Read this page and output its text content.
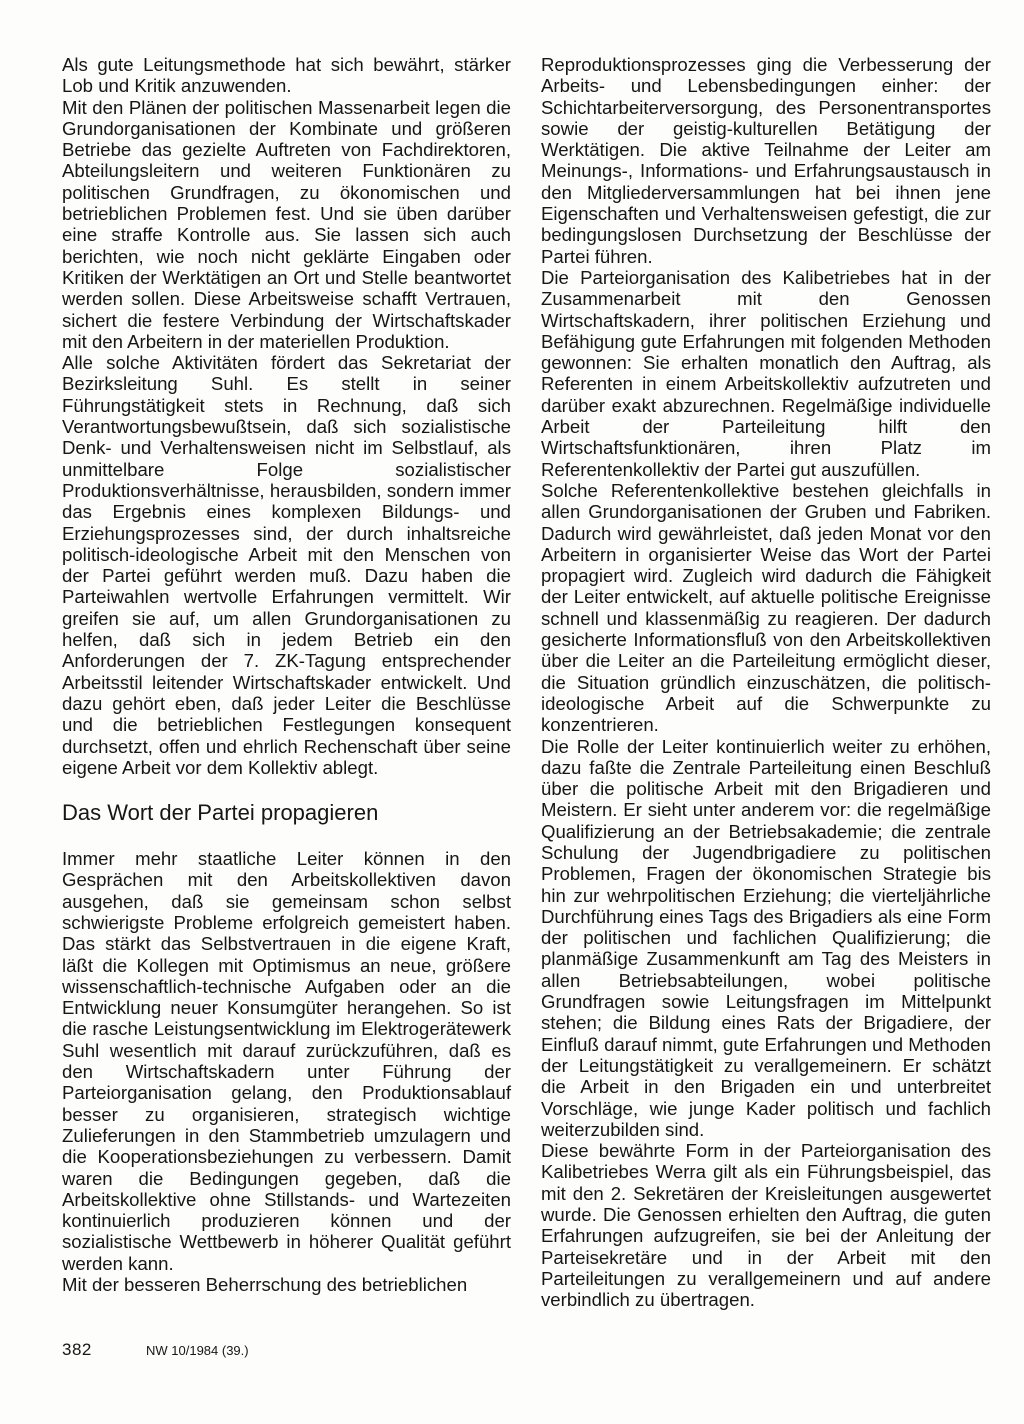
Als gute Leitungsmethode hat sich bewährt, stärker Lob und Kritik anzuwenden.

Mit den Plänen der politischen Massenarbeit legen die Grundorganisationen der Kombinate und größeren Betriebe das gezielte Auftreten von Fachdirektoren, Abteilungsleitern und weiteren Funktionären zu politischen Grundfragen, zu ökonomischen und betrieblichen Problemen fest. Und sie üben darüber eine straffe Kontrolle aus. Sie lassen sich auch berichten, wie noch nicht geklärte Eingaben oder Kritiken der Werktätigen an Ort und Stelle beantwortet werden sollen. Diese Arbeitsweise schafft Vertrauen, sichert die festere Verbindung der Wirtschaftskader mit den Arbeitern in der materiellen Produktion.

Alle solche Aktivitäten fördert das Sekretariat der Bezirksleitung Suhl. Es stellt in seiner Führungstätigkeit stets in Rechnung, daß sich Verantwortungsbewußtsein, daß sich sozialistische Denk- und Verhaltensweisen nicht im Selbstlauf, als unmittelbare Folge sozialistischer Produktionsverhältnisse, herausbilden, sondern immer das Ergebnis eines komplexen Bildungs- und Erziehungsprozesses sind, der durch inhaltsreiche politisch-ideologische Arbeit mit den Menschen von der Partei geführt werden muß. Dazu haben die Parteiwahlen wertvolle Erfahrungen vermittelt. Wir greifen sie auf, um allen Grundorganisationen zu helfen, daß sich in jedem Betrieb ein den Anforderungen der 7. ZK-Tagung entsprechender Arbeitsstil leitender Wirtschaftskader entwickelt. Und dazu gehört eben, daß jeder Leiter die Beschlüsse und die betrieblichen Festlegungen konsequent durchsetzt, offen und ehrlich Rechenschaft über seine eigene Arbeit vor dem Kollektiv ablegt.

Das Wort der Partei propagieren

Immer mehr staatliche Leiter können in den Gesprächen mit den Arbeitskollektiven davon ausgehen, daß sie gemeinsam schon selbst schwierigste Probleme erfolgreich gemeistert haben. Das stärkt das Selbstvertrauen in die eigene Kraft, läßt die Kollegen mit Optimismus an neue, größere wissenschaftlich-technische Aufgaben oder an die Entwicklung neuer Konsumgüter herangehen. So ist die rasche Leistungsentwicklung im Elektrogerätewerk Suhl wesentlich mit darauf zurückzuführen, daß es den Wirtschaftskadern unter Führung der Parteiorganisation gelang, den Produktionsablauf besser zu organisieren, strategisch wichtige Zulieferungen in den Stammbetrieb umzulagern und die Kooperationsbeziehungen zu verbessern. Damit waren die Bedingungen gegeben, daß die Arbeitskollektive ohne Stillstands- und Wartezeiten kontinuierlich produzieren können und der sozialistische Wettbewerb in höherer Qualität geführt werden kann.

Mit der besseren Beherrschung des betrieblichen

Reproduktionsprozesses ging die Verbesserung der Arbeits- und Lebensbedingungen einher: der Schichtarbeiterversorgung, des Personentransportes sowie der geistig-kulturellen Betätigung der Werktätigen. Die aktive Teilnahme der Leiter am Meinungs-, Informations- und Erfahrungsaustausch in den Mitgliederversammlungen hat bei ihnen jene Eigenschaften und Verhaltensweisen gefestigt, die zur bedingungslosen Durchsetzung der Beschlüsse der Partei führen.

Die Parteiorganisation des Kalibetriebes hat in der Zusammenarbeit mit den Genossen Wirtschaftskadern, ihrer politischen Erziehung und Befähigung gute Erfahrungen mit folgenden Methoden gewonnen: Sie erhalten monatlich den Auftrag, als Referenten in einem Arbeitskollektiv aufzutreten und darüber exakt abzurechnen. Regelmäßige individuelle Arbeit der Parteileitung hilft den Wirtschaftsfunktionären, ihren Platz im Referentenkollektiv der Partei gut auszufüllen.

Solche Referentenkollektive bestehen gleichfalls in allen Grundorganisationen der Gruben und Fabriken. Dadurch wird gewährleistet, daß jeden Monat vor den Arbeitern in organisierter Weise das Wort der Partei propagiert wird. Zugleich wird dadurch die Fähigkeit der Leiter entwickelt, auf aktuelle politische Ereignisse schnell und klassenmäßig zu reagieren. Der dadurch gesicherte Informationsfluß von den Arbeitskollektiven über die Leiter an die Parteileitung ermöglicht dieser, die Situation gründlich einzuschätzen, die politisch-ideologische Arbeit auf die Schwerpunkte zu konzentrieren.

Die Rolle der Leiter kontinuierlich weiter zu erhöhen, dazu faßte die Zentrale Parteileitung einen Beschluß über die politische Arbeit mit den Brigadieren und Meistern. Er sieht unter anderem vor: die regelmäßige Qualifizierung an der Betriebsakademie; die zentrale Schulung der Jugendbrigadiere zu politischen Problemen, Fragen der ökonomischen Strategie bis hin zur wehrpolitischen Erziehung; die vierteljährliche Durchführung eines Tags des Brigadiers als eine Form der politischen und fachlichen Qualifizierung; die planmäßige Zusammenkunft am Tag des Meisters in allen Betriebsabteilungen, wobei politische Grundfragen sowie Leitungsfragen im Mittelpunkt stehen; die Bildung eines Rats der Brigadiere, der Einfluß darauf nimmt, gute Erfahrungen und Methoden der Leitungstätigkeit zu verallgemeinern. Er schätzt die Arbeit in den Brigaden ein und unterbreitet Vorschläge, wie junge Kader politisch und fachlich weiterzubilden sind.

Diese bewährte Form in der Parteiorganisation des Kalibetriebes Werra gilt als ein Führungsbeispiel, das mit den 2. Sekretären der Kreisleitungen ausgewertet wurde. Die Genossen erhielten den Auftrag, die guten Erfahrungen aufzugreifen, sie bei der Anleitung der Parteisekretäre und in der Arbeit mit den Parteileitungen zu verallgemeinern und auf andere verbindlich zu übertragen.

382	NW 10/1984 (39.)
